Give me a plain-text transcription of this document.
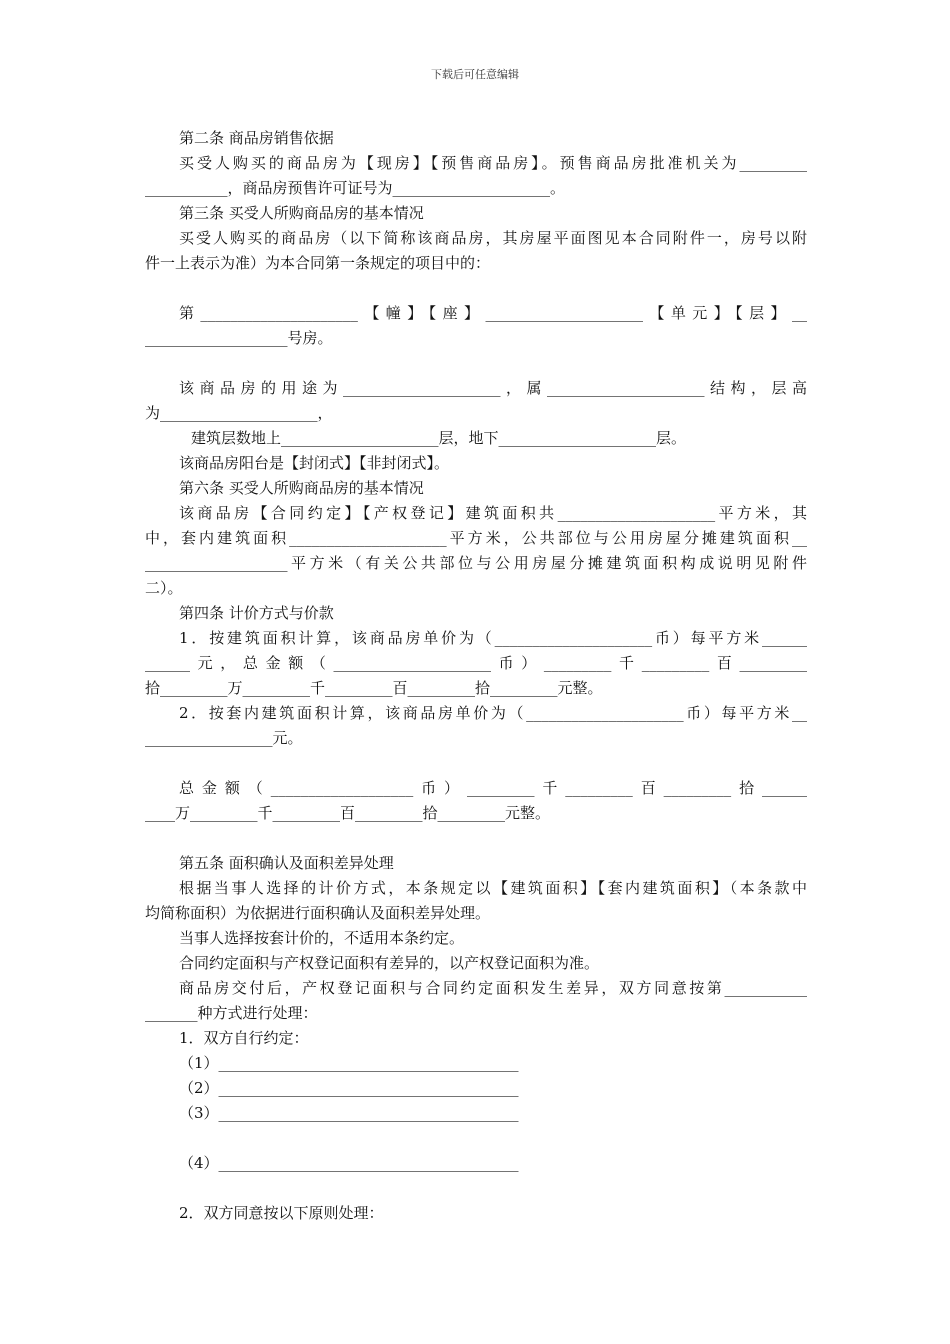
下载后可任意编辑
第二条 商品房销售依据
买受人购买的商品房为【现房】【预售商品房】。预售商品房批准机关为_________
___________，商品房预售许可证号为_____________________。
第三条 买受人所购商品房的基本情况
买受人购买的商品房（以下简称该商品房，其房屋平面图见本合同附件一，房号以附
件一上表示为准）为本合同第一条规定的项目中的：
第_____________________【幢】【座】_____________________【单元】【层】__
___________________号房。
该商品房的用途为_____________________，属_____________________结构，层高
为_____________________，
建筑层数地上_____________________层，地下_____________________层。
该商品房阳台是【封闭式】【非封闭式】。
第六条 买受人所购商品房的基本情况
该商品房【合同约定】【产权登记】建筑面积共_____________________平方米，其
中，套内建筑面积_____________________平方米，公共部位与公用房屋分摊建筑面积__
___________________平方米（有关公共部位与公用房屋分摊建筑面积构成说明见附件
二）。
第四条 计价方式与价款
1．按建筑面积计算，该商品房单价为（_____________________币）每平方米______
______元，总金额（_____________________币）_________千_________百_________
拾_________万_________千_________百_________拾_________元整。
2．按套内建筑面积计算，该商品房单价为（_____________________币）每平方米__
_________________元。
总金额（___________________币）_________千_________百_________拾______
____万_________千_________百_________拾_________元整。
第五条 面积确认及面积差异处理
根据当事人选择的计价方式，本条规定以【建筑面积】【套内建筑面积】（本条款中
均简称面积）为依据进行面积确认及面积差异处理。
当事人选择按套计价的，不适用本条约定。
合同约定面积与产权登记面积有差异的，以产权登记面积为准。
商品房交付后，产权登记面积与合同约定面积发生差异，双方同意按第___________
_______种方式进行处理：
1．双方自行约定：
（1）________________________________________
（2）________________________________________
（3）________________________________________
（4）________________________________________
2．双方同意按以下原则处理：
